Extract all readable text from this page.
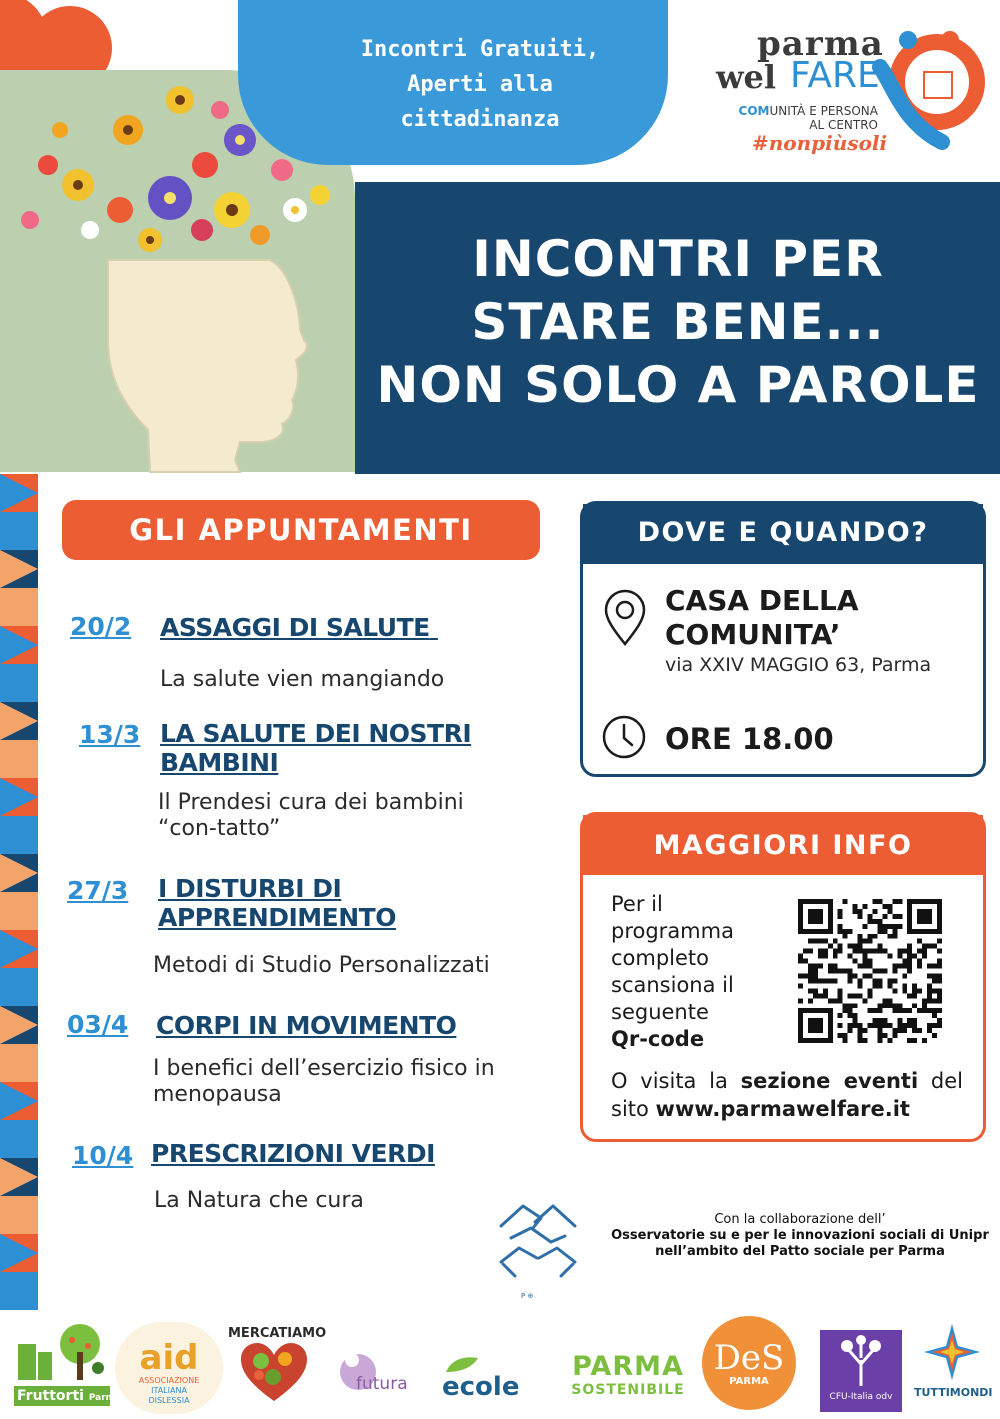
Incontri Gratuiti,
Aperti alla
cittadinanza
parma
wel FARE
COMUNITÀ E PERSONA
AL CENTRO
#nonpiùsoli
INCONTRI PER
STARE BENE...
NON SOLO A PAROLE
GLI APPUNTAMENTI
20/2 ASSAGGI DI SALUTE
La salute vien mangiando
13/3 LA SALUTE DEI NOSTRI
BAMBINI
Il Prendesi cura dei bambini
“con-tatto”
27/3 I DISTURBI DI
APPRENDIMENTO
Metodi di Studio Personalizzati
03/4 CORPI IN MOVIMENTO
I benefici dell’esercizio fisico in
menopausa
10/4 PRESCRIZIONI VERDI
La Natura che cura
DOVE E QUANDO?
CASA DELLA
COMUNITA’
via XXIV MAGGIO 63, Parma
ORE 18.00
MAGGIORI INFO
Per il
programma
completo
scansiona il
seguente
Qr-code
O visita la sezione eventi del sito www.parmawelfare.it
P ⊕
Con la collaborazione dell’
Osservatorie su e per le innovazioni sociali di Unipr
nell’ambito del Patto sociale per Parma
Fruttorti Parma
aid
ASSOCIAZIONE
ITALIANA
DISLESSIA
MERCATIAMO
futura ecole
PARMA
SOSTENIBILE
DeS
PARMA
CFU-Italia odv	TUTTIMONDI
